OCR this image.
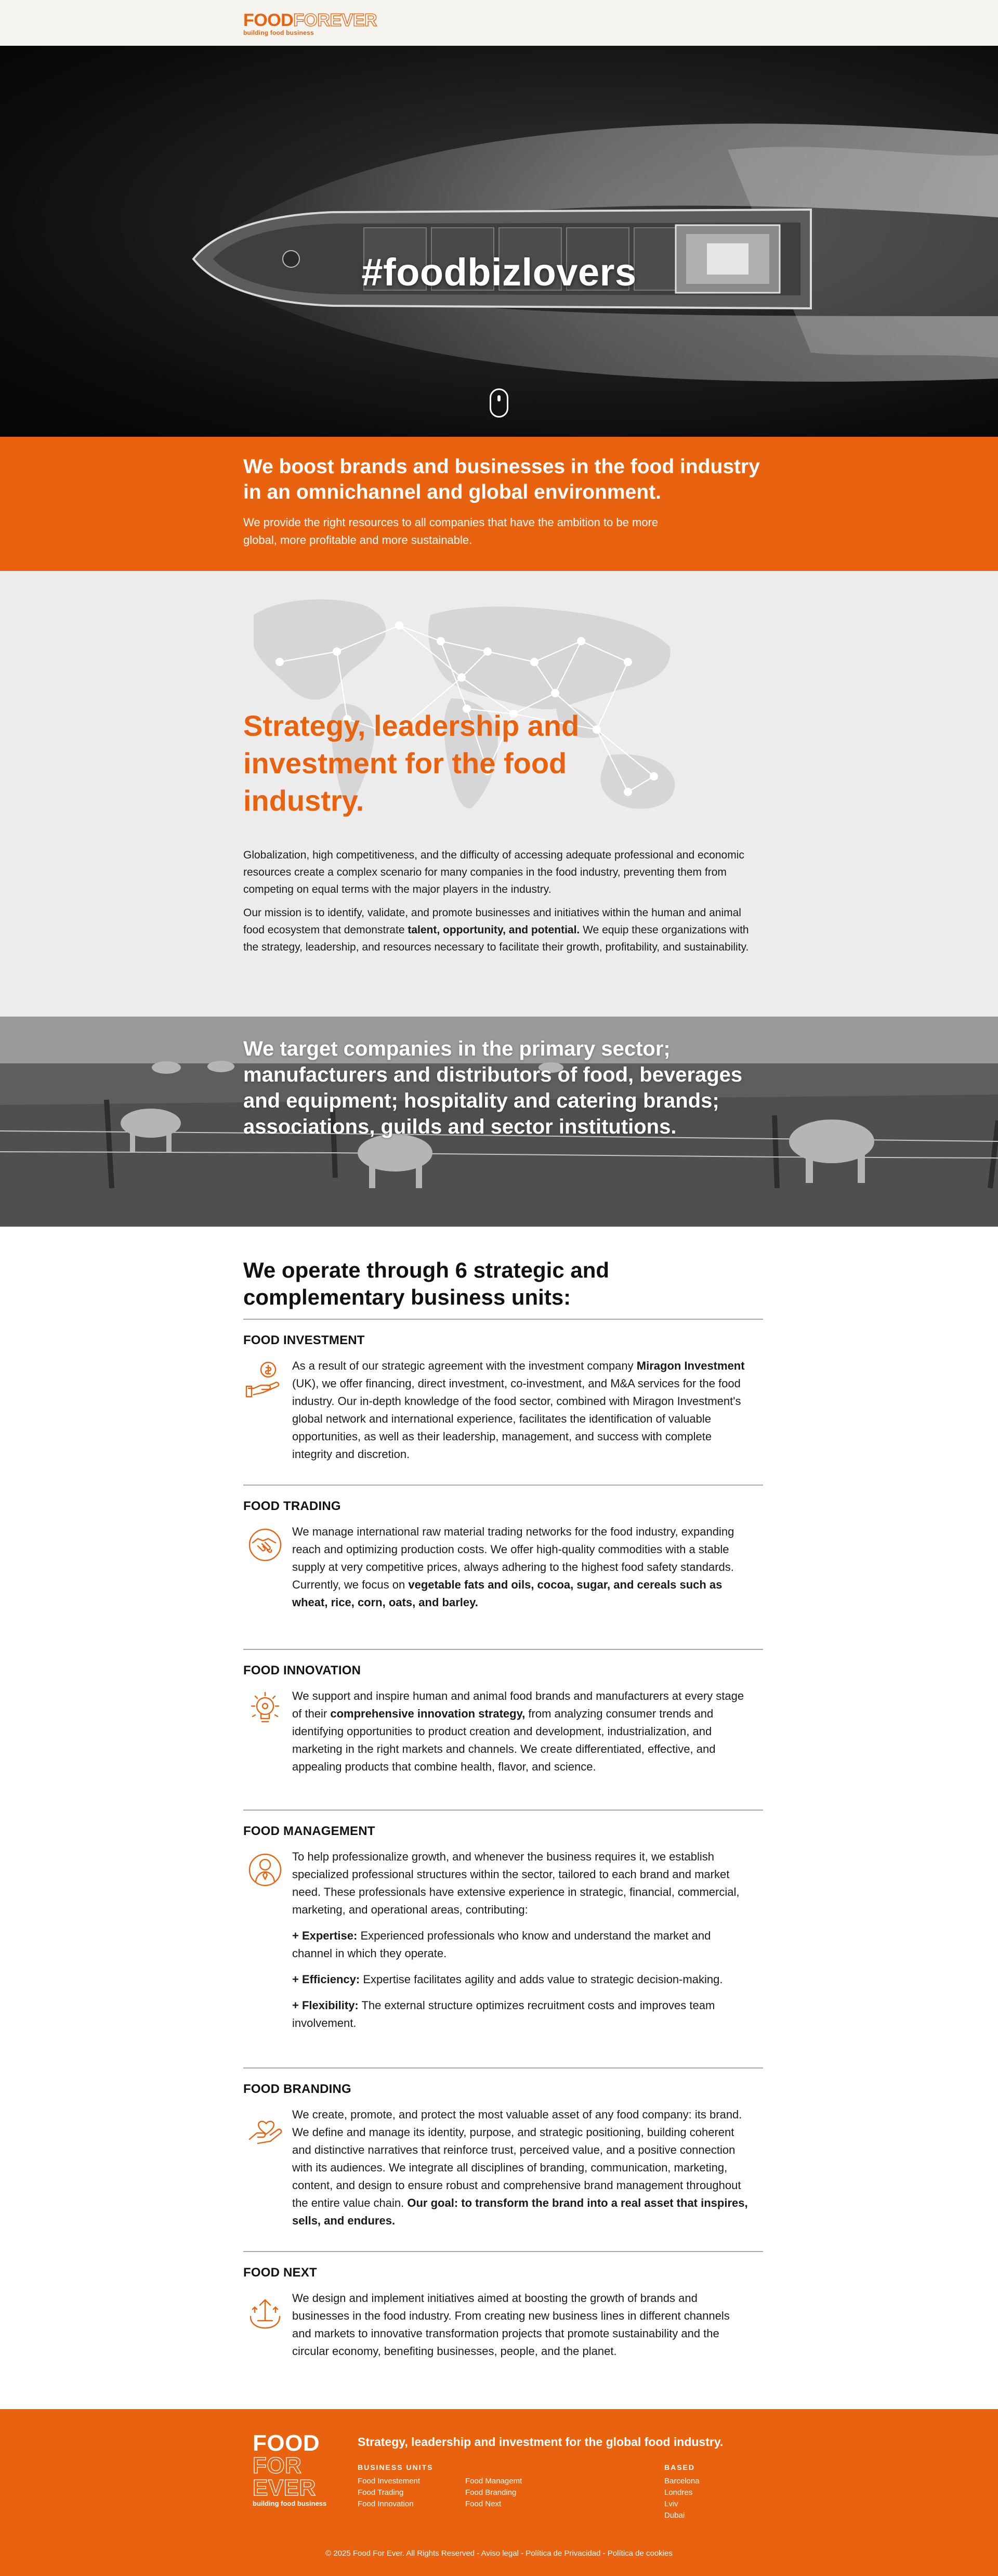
FOODFOREVER
building food business
#foodbizlovers
We boost brands and businesses in the food industry in an omnichannel and global environment.

We provide the right resources to all companies that have the ambition to be more global, more profitable and more sustainable.

Strategy, leadership and investment for the food industry.

Globalization, high competitiveness, and the difficulty of accessing adequate professional and economic resources create a complex scenario for many companies in the food industry, preventing them from competing on equal terms with the major players in the industry.

Our mission is to identify, validate, and promote businesses and initiatives within the human and animal food ecosystem that demonstrate talent, opportunity, and potential. We equip these organizations with the strategy, leadership, and resources necessary to facilitate their growth, profitability, and sustainability.

We target companies in the primary sector; manufacturers and distributors of food, beverages and equipment; hospitality and catering brands; associations, guilds and sector institutions.
We operate through 6 strategic and complementary business units:
FOOD INVESTMENT

As a result of our strategic agreement with the investment company Miragon Investment (UK), we offer financing, direct investment, co-investment, and M&A services for the food industry. Our in-depth knowledge of the food sector, combined with Miragon Investment's global network and international experience, facilitates the identification of valuable opportunities, as well as their leadership, management, and success with complete integrity and discretion.

FOOD TRADING

We manage international raw material trading networks for the food industry, expanding reach and optimizing production costs. We offer high-quality commodities with a stable supply at very competitive prices, always adhering to the highest food safety standards. Currently, we focus on vegetable fats and oils, cocoa, sugar, and cereals such as wheat, rice, corn, oats, and barley.

FOOD INNOVATION

We support and inspire human and animal food brands and manufacturers at every stage of their comprehensive innovation strategy, from analyzing consumer trends and identifying opportunities to product creation and development, industrialization, and marketing in the right markets and channels. We create differentiated, effective, and appealing products that combine health, flavor, and science.

FOOD MANAGEMENT

To help professionalize growth, and whenever the business requires it, we establish specialized professional structures within the sector, tailored to each brand and market need. These professionals have extensive experience in strategic, financial, commercial, marketing, and operational areas, contributing:

+ Expertise: Experienced professionals who know and understand the market and channel in which they operate.

+ Efficiency: Expertise facilitates agility and adds value to strategic decision-making.

+ Flexibility: The external structure optimizes recruitment costs and improves team involvement.

FOOD BRANDING

We create, promote, and protect the most valuable asset of any food company: its brand. We define and manage its identity, purpose, and strategic positioning, building coherent and distinctive narratives that reinforce trust, perceived value, and a positive connection with its audiences. We integrate all disciplines of branding, communication, marketing, content, and design to ensure robust and comprehensive brand management throughout the entire value chain. Our goal: to transform the brand into a real asset that inspires, sells, and endures.

FOOD NEXT

We design and implement initiatives aimed at boosting the growth of brands and businesses in the food industry. From creating new business lines in different channels and markets to innovative transformation projects that promote sustainability and the circular economy, benefiting businesses, people, and the planet.

FOOD
FOR
EVER
building food business
Strategy, leadership and investment for the global food industry.
BUSINESS UNITS
Food Investement
Food Trading
Food Innovation
Food Managemt
Food Branding
Food Next
BASED
Barcelona
Londres
Lviv
Dubai
© 2025 Food For Ever. All Rights Reserved - Aviso legal - Política de Privacidad - Política de cookies
